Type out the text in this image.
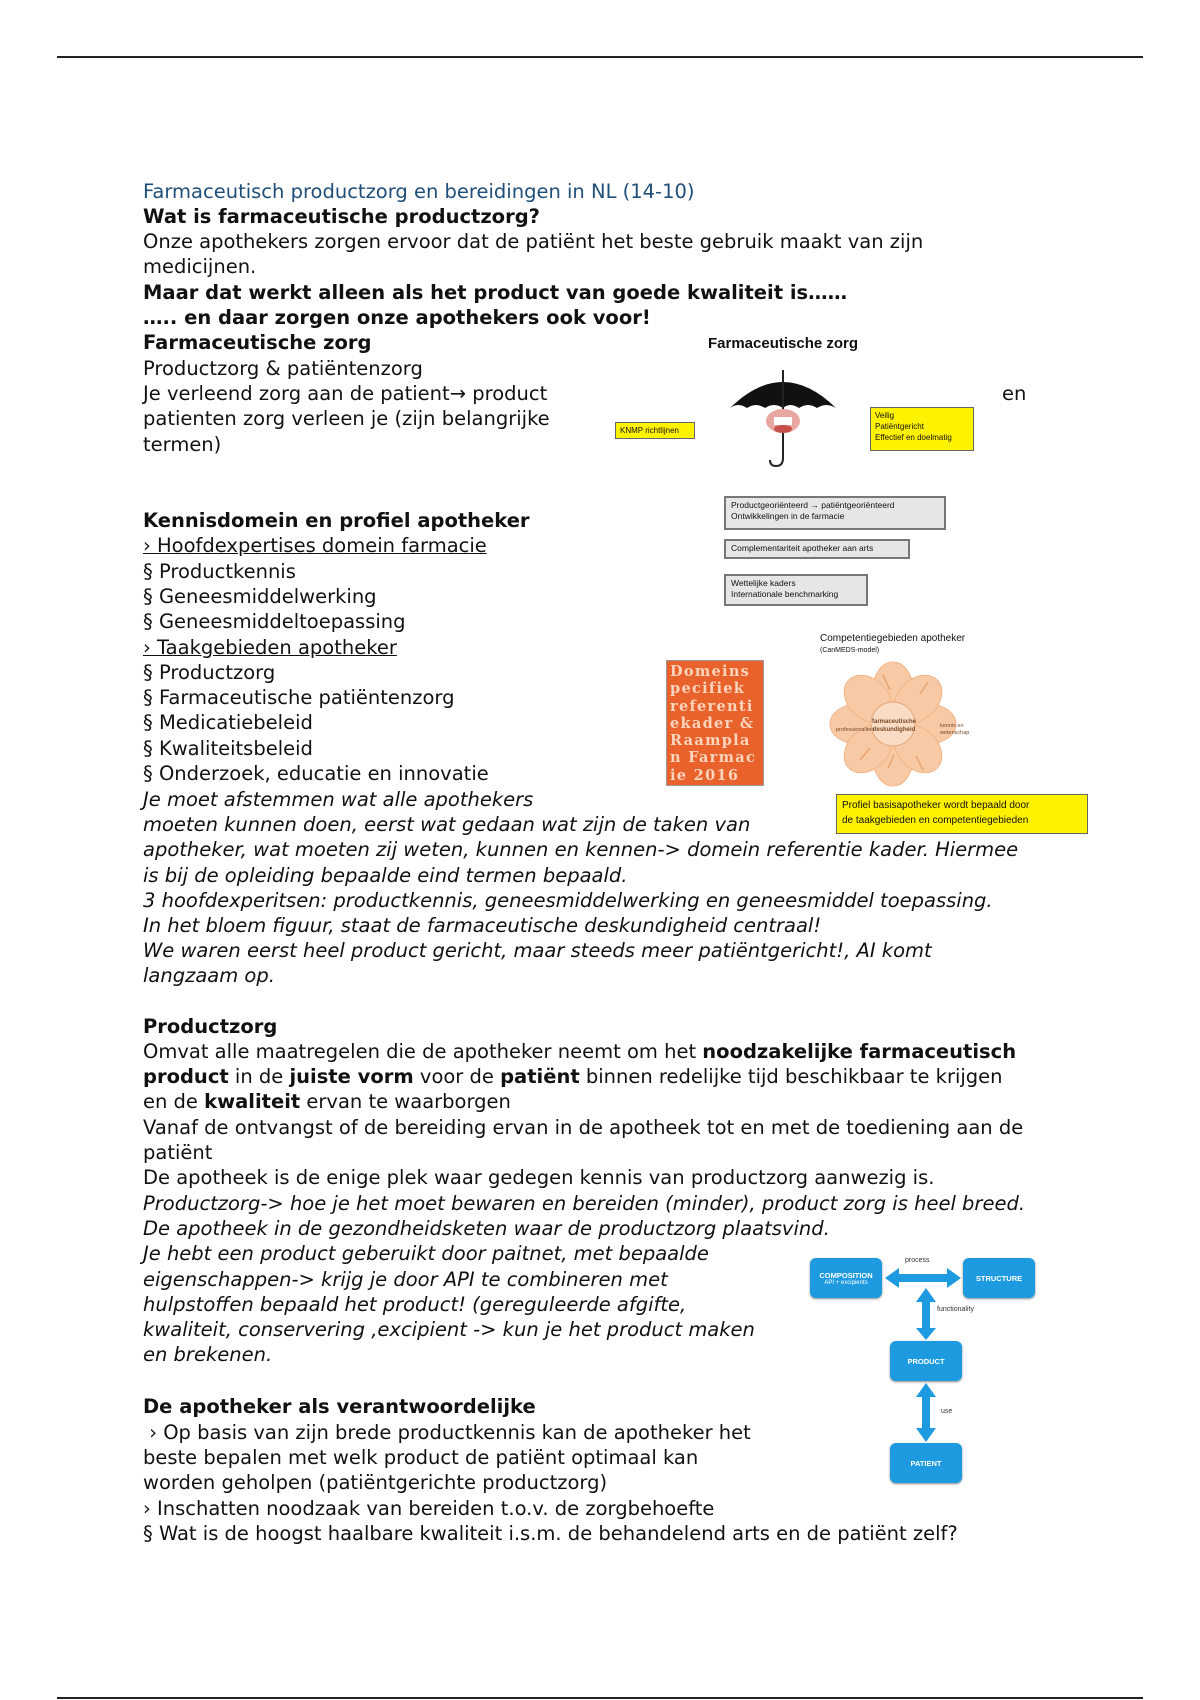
Farmaceutisch productzorg en bereidingen in NL (14-10)
Wat is farmaceutische productzorg?
Onze apothekers zorgen ervoor dat de patiënt het beste gebruik maakt van zijn
medicijnen.
Maar dat werkt alleen als het product van goede kwaliteit is……
….. en daar zorgen onze apothekers ook voor!
Farmaceutische zorg
Productzorg & patiëntenzorg
Je verleend zorg aan de patient→ product
patienten zorg verleen je (zijn belangrijke
termen)
en
Farmaceutische zorg
KNMP richtlijnen
Veilig
Patiëntgericht
Effectief en doelmatig
Kennisdomein en profiel apotheker
› Hoofdexpertises domein farmacie
§ Productkennis
§ Geneesmiddelwerking
§ Geneesmiddeltoepassing
› Taakgebieden apotheker
§ Productzorg
§ Farmaceutische patiëntenzorg
§ Medicatiebeleid
§ Kwaliteitsbeleid
§ Onderzoek, educatie en innovatie
Je moet afstemmen wat alle apothekers
moeten kunnen doen, eerst wat gedaan wat zijn de taken van
apotheker, wat moeten zij weten, kunnen en kennen-> domein referentie kader. Hiermee
is bij de opleiding bepaalde eind termen bepaald.
3 hoofdexperitsen: productkennis, geneesmiddelwerking en geneesmiddel toepassing.
In het bloem figuur, staat de farmaceutische deskundigheid centraal!
We waren eerst heel product gericht, maar steeds meer patiëntgericht!, AI komt
langzaam op.
Productgeoriënteerd → patiëntgeoriënteerd
Ontwikkelingen in de farmacie
Complementariteit apotheker aan arts
Wettelijke kaders
Internationale benchmarking
Competentiegebieden apotheker
(CanMEDS-model)
Domeinspecifiek referentiekader & Raamplan Farmacie 2016
farmaceutische
deskundigheid
professionaliteit
kennis en
wetenschap
Profiel basisapotheker wordt bepaald door
de taakgebieden en competentiegebieden
Productzorg
Omvat alle maatregelen die de apotheker neemt om het noodzakelijke farmaceutisch
product in de juiste vorm voor de patiënt binnen redelijke tijd beschikbaar te krijgen
en de kwaliteit ervan te waarborgen
Vanaf de ontvangst of de bereiding ervan in de apotheek tot en met de toediening aan de
patiënt
De apotheek is de enige plek waar gedegen kennis van productzorg aanwezig is.
Productzorg-> hoe je het moet bewaren en bereiden (minder), product zorg is heel breed.
De apotheek in de gezondheidsketen waar de productzorg plaatsvind.
Je hebt een product geberuikt door paitnet, met bepaalde
eigenschappen-> krijg je door API te combineren met
hulpstoffen bepaald het product! (gereguleerde afgifte,
kwaliteit, conservering ,excipient -> kun je het product maken
en brekenen.
COMPOSITION
API + excipients	STRUCTURE
PRODUCT
PATIENT
process
functionality
use
De apotheker als verantwoordelijke
› Op basis van zijn brede productkennis kan de apotheker het
beste bepalen met welk product de patiënt optimaal kan
worden geholpen (patiëntgerichte productzorg)
› Inschatten noodzaak van bereiden t.o.v. de zorgbehoefte
§ Wat is de hoogst haalbare kwaliteit i.s.m. de behandelend arts en de patiënt zelf?
